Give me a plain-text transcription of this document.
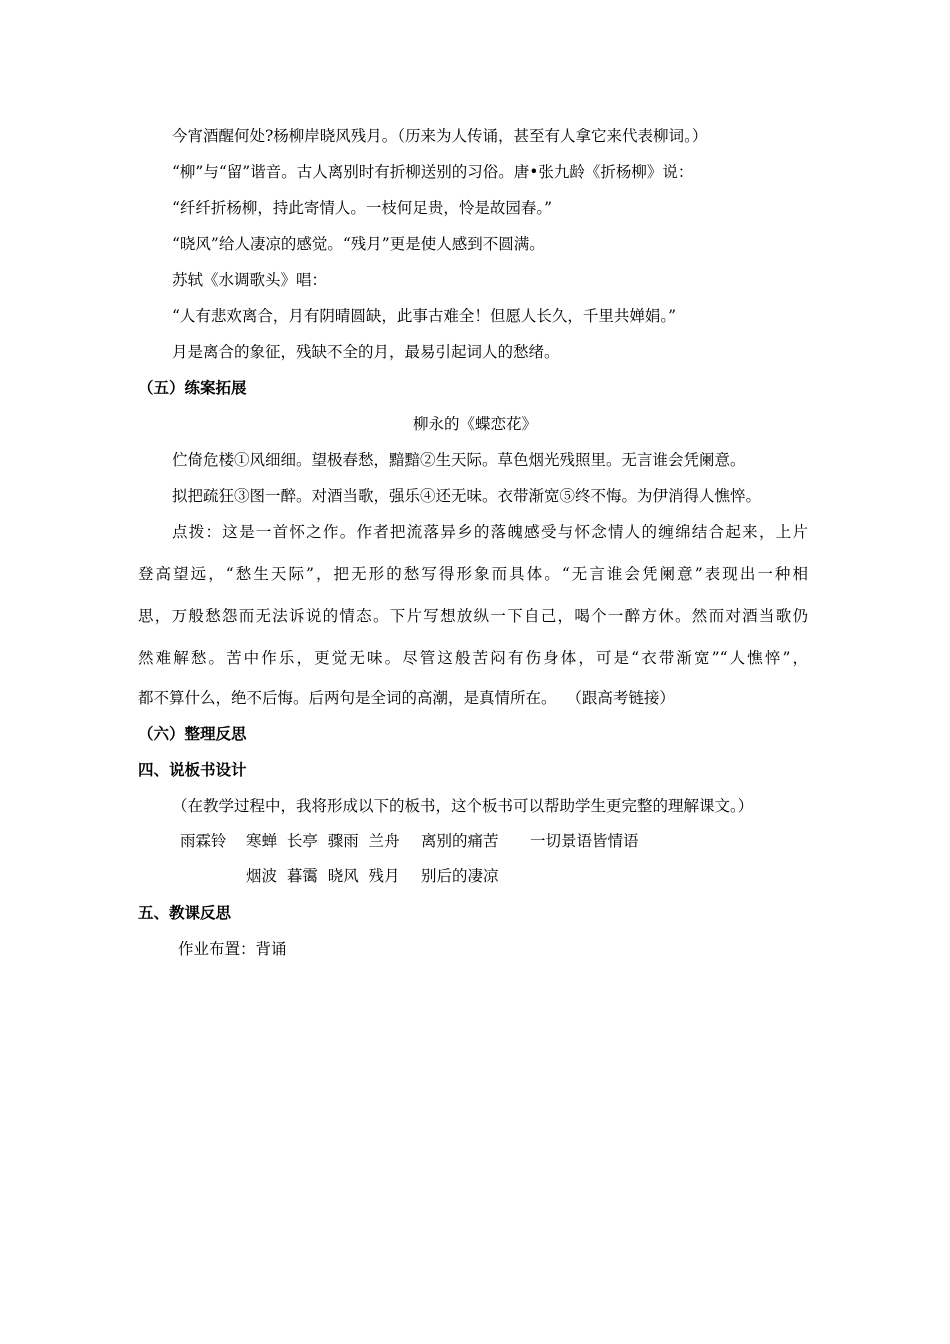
今宵酒醒何处?杨柳岸晓风残月。（历来为人传诵，甚至有人拿它来代表柳词。）
“柳”与“留”谐音。古人离别时有折柳送别的习俗。唐•张九龄《折杨柳》说：
“纤纤折杨柳，持此寄情人。一枝何足贵，怜是故园春。”
“晓风”给人凄凉的感觉。“残月”更是使人感到不圆满。
苏轼《水调歌头》唱：
“人有悲欢离合，月有阴晴圆缺，此事古难全！但愿人长久，千里共婵娟。”
月是离合的象征，残缺不全的月，最易引起词人的愁绪。
（五）练案拓展
柳永的《蝶恋花》
伫倚危楼①风细细。望极春愁，黯黯②生天际。草色烟光残照里。无言谁会凭阑意。
拟把疏狂③图一醉。对酒当歌，强乐④还无味。衣带渐宽⑤终不悔。为伊消得人憔悴。
点拨：这是一首怀之作。作者把流落异乡的落魄感受与怀念情人的缠绵结合起来，上片
登高望远，“愁生天际”，把无形的愁写得形象而具体。“无言谁会凭阑意”表现出一种相
思，万般愁怨而无法诉说的情态。下片写想放纵一下自己，喝个一醉方休。然而对酒当歌仍
然难解愁。苦中作乐，更觉无味。尽管这般苦闷有伤身体，可是“衣带渐宽”“人憔悴”，
都不算什么，绝不后悔。后两句是全词的高潮，是真情所在。  （跟高考链接）
（六）整理反思
四、说板书设计
（在教学过程中，我将形成以下的板书，这个板书可以帮助学生更完整的理解课文。）
雨霖铃 寒蝉  长亭  骤雨  兰舟 离别的痛苦 一切景语皆情语
烟波  暮霭  晓风  残月 别后的凄凉
五、教课反思
作业布置：背诵
